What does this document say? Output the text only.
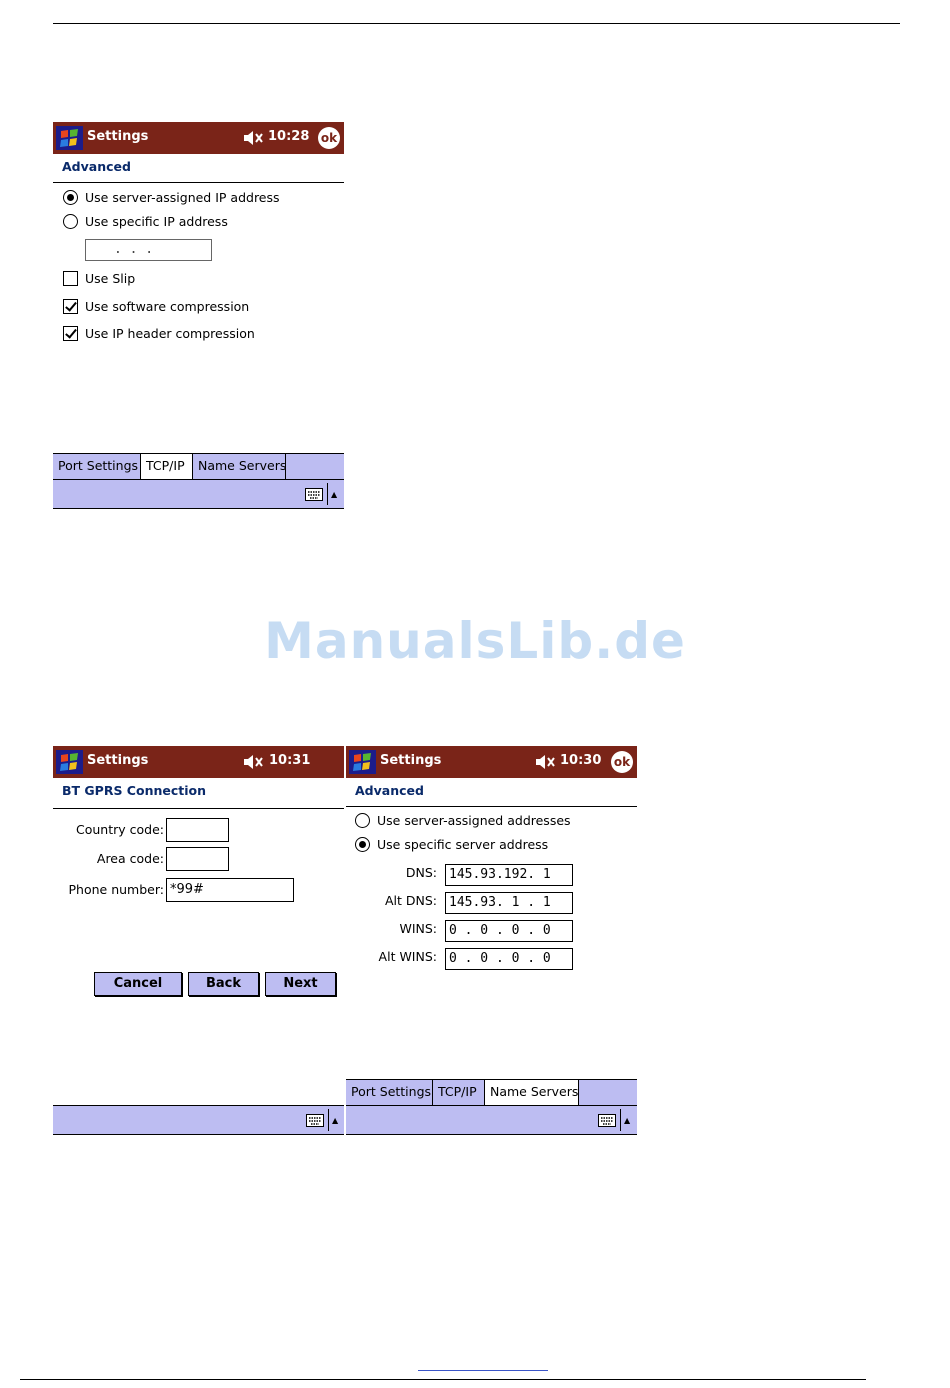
Settings	10:28 ok
Advanced
Use server-assigned IP address
Use specific IP address
. . .
Use Slip
Use software compression
Use IP header compression
Port Settings TCP/IP	Name Servers
▲
ManualsLib.de
Settings	10:31
BT GPRS Connection
Country code:
Area code:
Phone number: *99#
Cancel	Back	Next
▲
Settings	10:30 ok
Advanced
Use server-assigned addresses
Use specific server address
DNS: 145.93.192. 1
Alt DNS: 145.93. 1 . 1
WINS: 0 . 0 . 0 . 0
Alt WINS: 0 . 0 . 0 . 0
Port Settings TCP/IP	Name Servers
▲
